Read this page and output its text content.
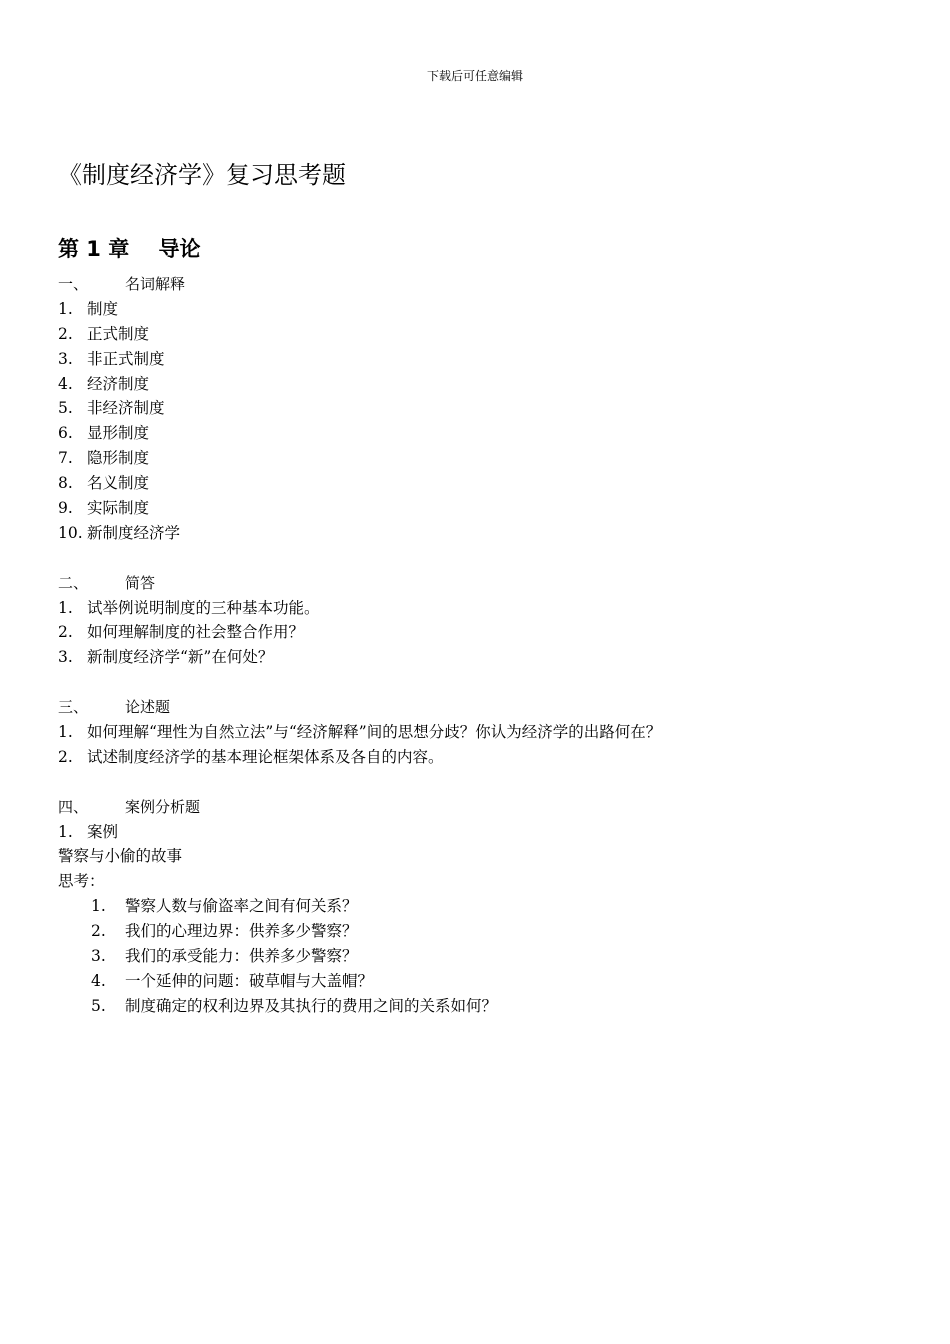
下载后可任意编辑
《制度经济学》复习思考题
第 1 章    导论
一、 名词解释
1. 制度
2. 正式制度
3. 非正式制度
4. 经济制度
5. 非经济制度
6. 显形制度
7. 隐形制度
8. 名义制度
9. 实际制度
10. 新制度经济学
二、 简答
1. 试举例说明制度的三种基本功能。
2. 如何理解制度的社会整合作用？
3. 新制度经济学“新”在何处？
三、 论述题
1. 如何理解“理性为自然立法”与“经济解释”间的思想分歧？你认为经济学的出路何在？
2. 试述制度经济学的基本理论框架体系及各自的内容。
四、 案例分析题
1. 案例
警察与小偷的故事
思考：
1. 警察人数与偷盗率之间有何关系？
2. 我们的心理边界：供养多少警察？
3. 我们的承受能力：供养多少警察？
4. 一个延伸的问题：破草帽与大盖帽？
5. 制度确定的权利边界及其执行的费用之间的关系如何？
